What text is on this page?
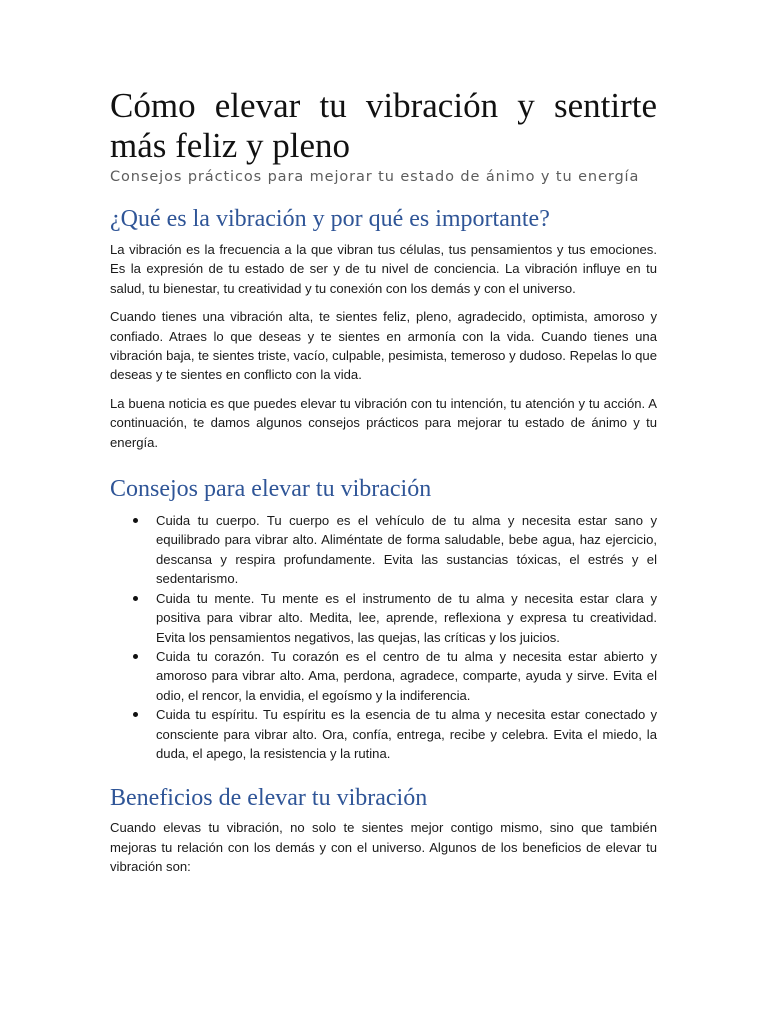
Cómo elevar tu vibración y sentirte más feliz y pleno
Consejos prácticos para mejorar tu estado de ánimo y tu energía
¿Qué es la vibración y por qué es importante?

La vibración es la frecuencia a la que vibran tus células, tus pensamientos y tus emociones. Es la expresión de tu estado de ser y de tu nivel de conciencia. La vibración influye en tu salud, tu bienestar, tu creatividad y tu conexión con los demás y con el universo.

Cuando tienes una vibración alta, te sientes feliz, pleno, agradecido, optimista, amoroso y confiado. Atraes lo que deseas y te sientes en armonía con la vida. Cuando tienes una vibración baja, te sientes triste, vacío, culpable, pesimista, temeroso y dudoso. Repelas lo que deseas y te sientes en conflicto con la vida.

La buena noticia es que puedes elevar tu vibración con tu intención, tu atención y tu acción. A continuación, te damos algunos consejos prácticos para mejorar tu estado de ánimo y tu energía.

Consejos para elevar tu vibración
Cuida tu cuerpo. Tu cuerpo es el vehículo de tu alma y necesita estar sano y equilibrado para vibrar alto. Aliméntate de forma saludable, bebe agua, haz ejercicio, descansa y respira profundamente. Evita las sustancias tóxicas, el estrés y el sedentarismo.
Cuida tu mente. Tu mente es el instrumento de tu alma y necesita estar clara y positiva para vibrar alto. Medita, lee, aprende, reflexiona y expresa tu creatividad. Evita los pensamientos negativos, las quejas, las críticas y los juicios.
Cuida tu corazón. Tu corazón es el centro de tu alma y necesita estar abierto y amoroso para vibrar alto. Ama, perdona, agradece, comparte, ayuda y sirve. Evita el odio, el rencor, la envidia, el egoísmo y la indiferencia.
Cuida tu espíritu. Tu espíritu es la esencia de tu alma y necesita estar conectado y consciente para vibrar alto. Ora, confía, entrega, recibe y celebra. Evita el miedo, la duda, el apego, la resistencia y la rutina.
Beneficios de elevar tu vibración

Cuando elevas tu vibración, no solo te sientes mejor contigo mismo, sino que también mejoras tu relación con los demás y con el universo. Algunos de los beneficios de elevar tu vibración son:
